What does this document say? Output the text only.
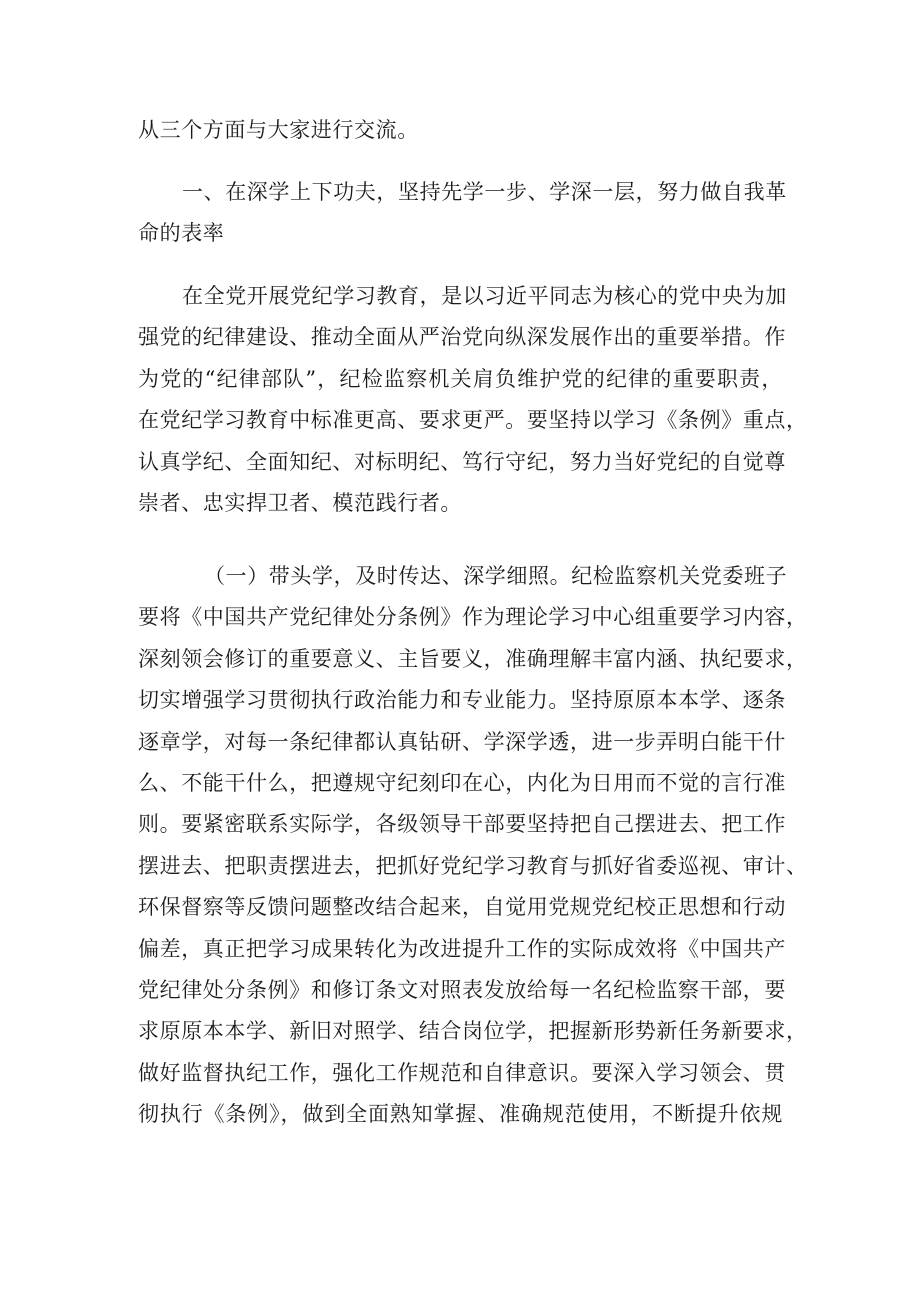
从三个方面与大家进行交流。
一、在深学上下功夫，坚持先学一步、学深一层，努力做自我革
命的表率
在全党开展党纪学习教育，是以习近平同志为核心的党中央为加
强党的纪律建设、推动全面从严治党向纵深发展作出的重要举措。作
为党的“纪律部队”，纪检监察机关肩负维护党的纪律的重要职责，
在党纪学习教育中标准更高、要求更严。要坚持以学习《条例》重点，
认真学纪、全面知纪、对标明纪、笃行守纪，努力当好党纪的自觉尊
崇者、忠实捍卫者、模范践行者。
（一）带头学，及时传达、深学细照。纪检监察机关党委班子
要将《中国共产党纪律处分条例》作为理论学习中心组重要学习内容，
深刻领会修订的重要意义、主旨要义，准确理解丰富内涵、执纪要求，
切实增强学习贯彻执行政治能力和专业能力。坚持原原本本学、逐条
逐章学，对每一条纪律都认真钻研、学深学透，进一步弄明白能干什
么、不能干什么，把遵规守纪刻印在心，内化为日用而不觉的言行准
则。要紧密联系实际学，各级领导干部要坚持把自己摆进去、把工作
摆进去、把职责摆进去，把抓好党纪学习教育与抓好省委巡视、审计、
环保督察等反馈问题整改结合起来，自觉用党规党纪校正思想和行动
偏差，真正把学习成果转化为改进提升工作的实际成效将《中国共产
党纪律处分条例》和修订条文对照表发放给每一名纪检监察干部，要
求原原本本学、新旧对照学、结合岗位学，把握新形势新任务新要求，
做好监督执纪工作，强化工作规范和自律意识。要深入学习领会、贯
彻执行《条例》，做到全面熟知掌握、准确规范使用，不断提升依规
